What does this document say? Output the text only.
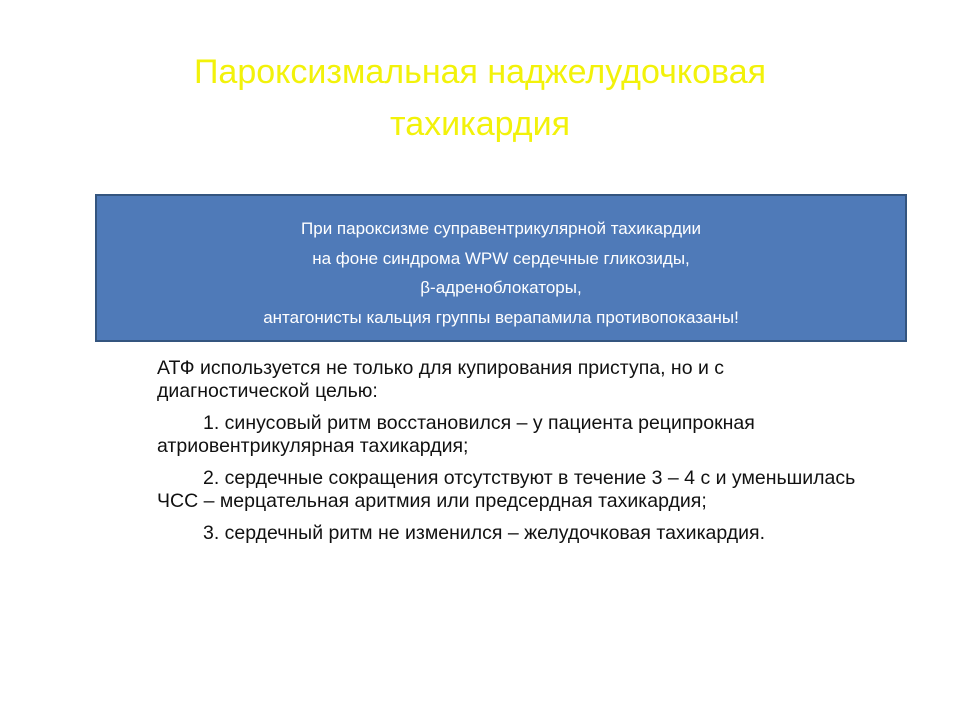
Пароксизмальная наджелудочковая
тахикардия
При пароксизме суправентрикулярной тахикардии
на фоне синдрома WPW сердечные гликозиды,
β-адреноблокаторы,
антагонисты кальция группы верапамила противопоказаны!

АТФ используется не только для купирования приступа, но и с диагностической целью:

1. синусовый ритм восстановился – у пациента реципрокная атриовентрикулярная тахикардия;

2. сердечные сокращения отсутствуют в течение 3 – 4 с и уменьшилась ЧСС – мерцательная аритмия или предсердная тахикардия;

3. сердечный ритм не изменился – желудочковая тахикардия.
